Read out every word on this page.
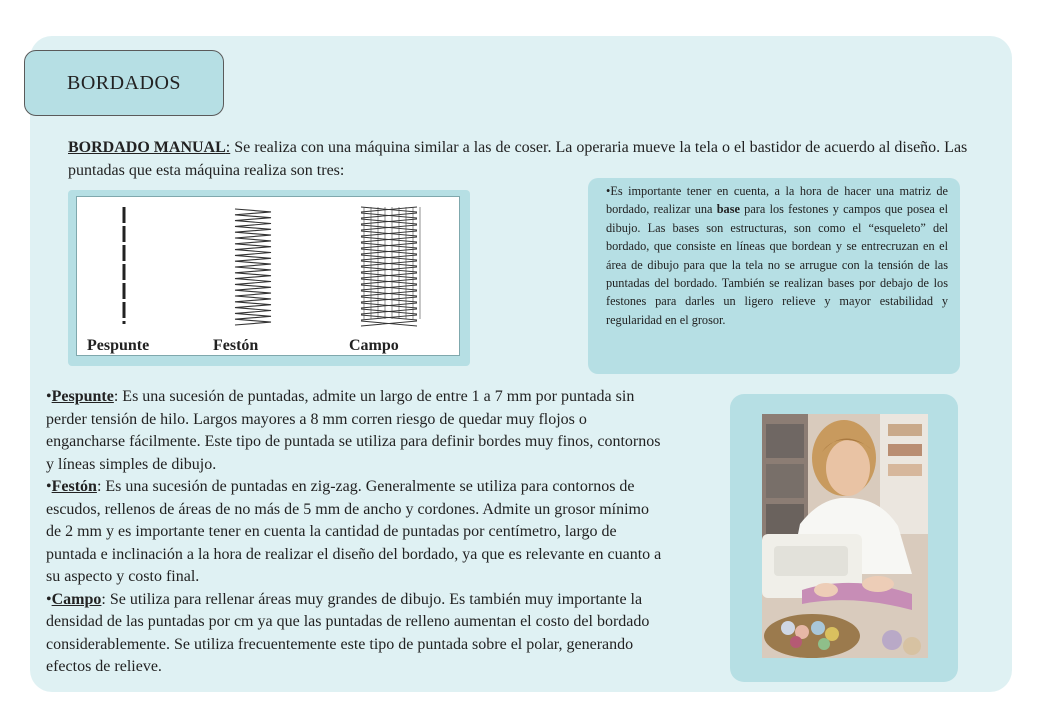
BORDADOS
BORDADO MANUAL: Se realiza con una máquina similar a las de coser. La operaria mueve la tela o el bastidor de acuerdo al diseño. Las puntadas que esta máquina realiza son tres:
Pespunte	Festón	Campo
•Es importante tener en cuenta, a la hora de hacer una matriz de bordado, realizar una base para los festones y campos que posea el dibujo. Las bases son estructuras, son como el “esqueleto” del bordado, que consiste en líneas que bordean y se entrecruzan en el área de dibujo para que la tela no se arrugue con la tensión de las puntadas del bordado. También se realizan bases por debajo de los festones para darles un ligero relieve y mayor estabilidad y regularidad en el grosor.

•Pespunte: Es una sucesión de puntadas, admite un largo de entre 1 a 7 mm por puntada sin perder tensión de hilo. Largos mayores a 8 mm corren riesgo de quedar muy flojos o engancharse fácilmente. Este tipo de puntada se utiliza para definir bordes muy finos, contornos y líneas simples de dibujo.

•Festón: Es una sucesión de puntadas en zig-zag. Generalmente se utiliza para contornos de escudos, rellenos de áreas de no más de 5 mm de ancho y cordones. Admite un grosor mínimo de 2 mm y es importante tener en cuenta la cantidad de puntadas por centímetro, largo de puntada e inclinación a la hora de realizar el diseño del bordado, ya que es relevante en cuanto a su aspecto y costo final.

•Campo: Se utiliza para rellenar áreas muy grandes de dibujo. Es también muy importante la densidad de las puntadas por cm ya que las puntadas de relleno aumentan el costo del bordado considerablemente. Se utiliza frecuentemente este tipo de puntada sobre el polar, generando efectos de relieve.
